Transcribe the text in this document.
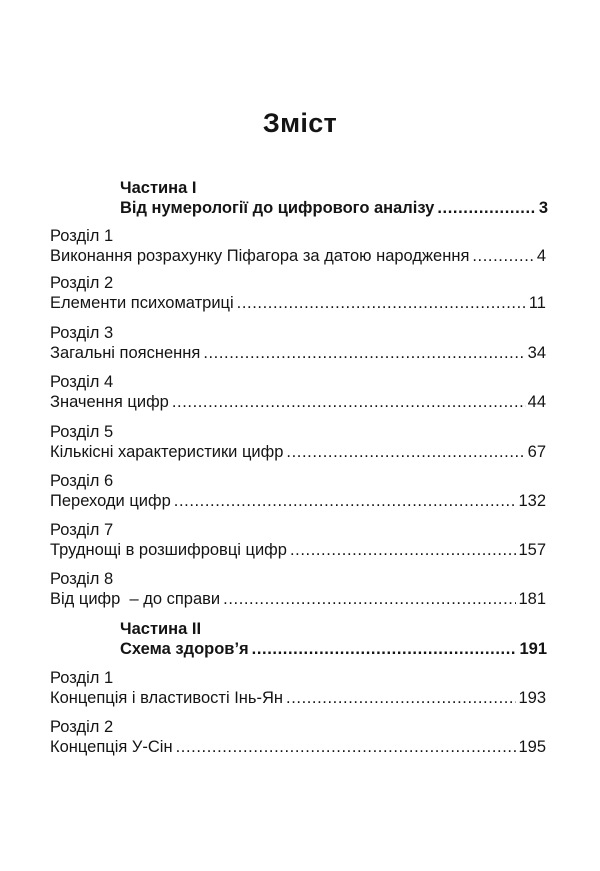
Зміст
Частина I
Від нумерології до цифрового аналізу .....	3
Розділ 1
Виконання розрахунку Піфагора за датою народження .....	4
Розділ 2
Елементи психоматриці .....	11
Розділ 3
Загальні пояснення .....	34
Розділ 4
Значення цифр .....	44
Розділ 5
Кількісні характеристики цифр .....	67
Розділ 6
Переходи цифр .....	132
Розділ 7
Труднощі в розшифровці цифр .....	157
Розділ 8
Від цифр  – до справи .....	181
Частина II
Схема здоров’я .....	191
Розділ 1
Концепція і властивості Інь-Ян .....	193
Розділ 2
Концепція У-Сін .....	195
